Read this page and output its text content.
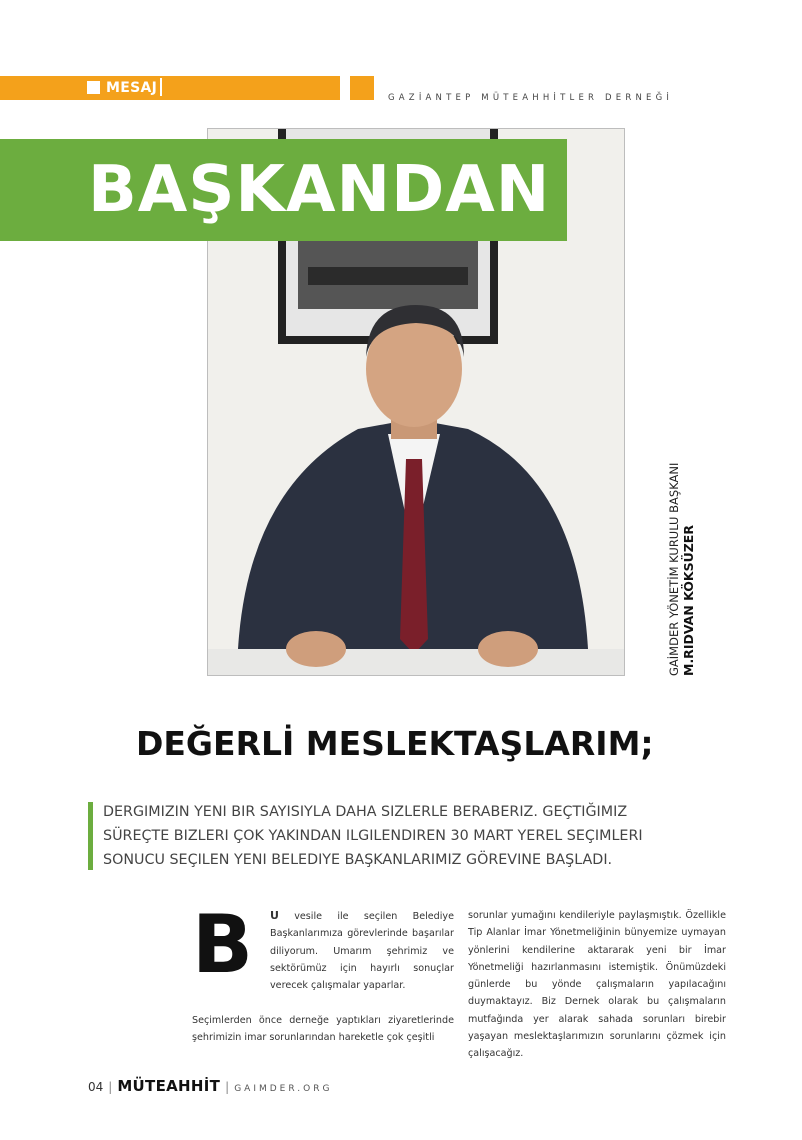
MESAJ
GAZİANTEP MÜTEAHHİTLER DERNEĞİ
BAŞKANDAN
GAİMDER YÖNETİM KURULU BAŞKANI M.RIDVAN KÖKSÜZER
DEĞERLİ MESLEKTAŞLARIM;
DERGIMIZIN YENI BIR SAYISIYLA DAHA SIZLERLE BERABERIZ. GEÇTIĞIMIZ SÜREÇTE BIZLERI ÇOK YAKINDAN ILGILENDIREN 30 MART YEREL SEÇIMLERI SONUCU SEÇILEN YENI BELEDIYE BAŞKANLARIMIZ GÖREVINE BAŞLADI.
B U vesile ile seçilen Belediye Başkanlarımıza görevlerinde başarılar diliyorum. Umarım şehrimiz ve sektörümüz için hayırlı sonuçlar verecek çalışmalar yaparlar.
Seçimlerden önce derneğe yaptıkları ziyaretlerinde şehrimizin imar sorunlarından hareketle çok çeşitli
sorunlar yumağını kendileriyle paylaşmıştık. Özellikle Tip Alanlar İmar Yönetmeliğinin bünyemize uymayan yönlerini kendilerine aktararak yeni bir İmar Yönetmeliği hazırlanmasını istemiştik. Önümüzdeki günlerde bu yönde çalışmaların yapılacağını duymaktayız. Biz Dernek olarak bu çalışmaların mutfağında yer alarak sahada sorunları birebir yaşayan meslektaşlarımızın sorunlarını çözmek için çalışacağız.
04 | MÜTEAHHİT | GAIMDER.ORG
